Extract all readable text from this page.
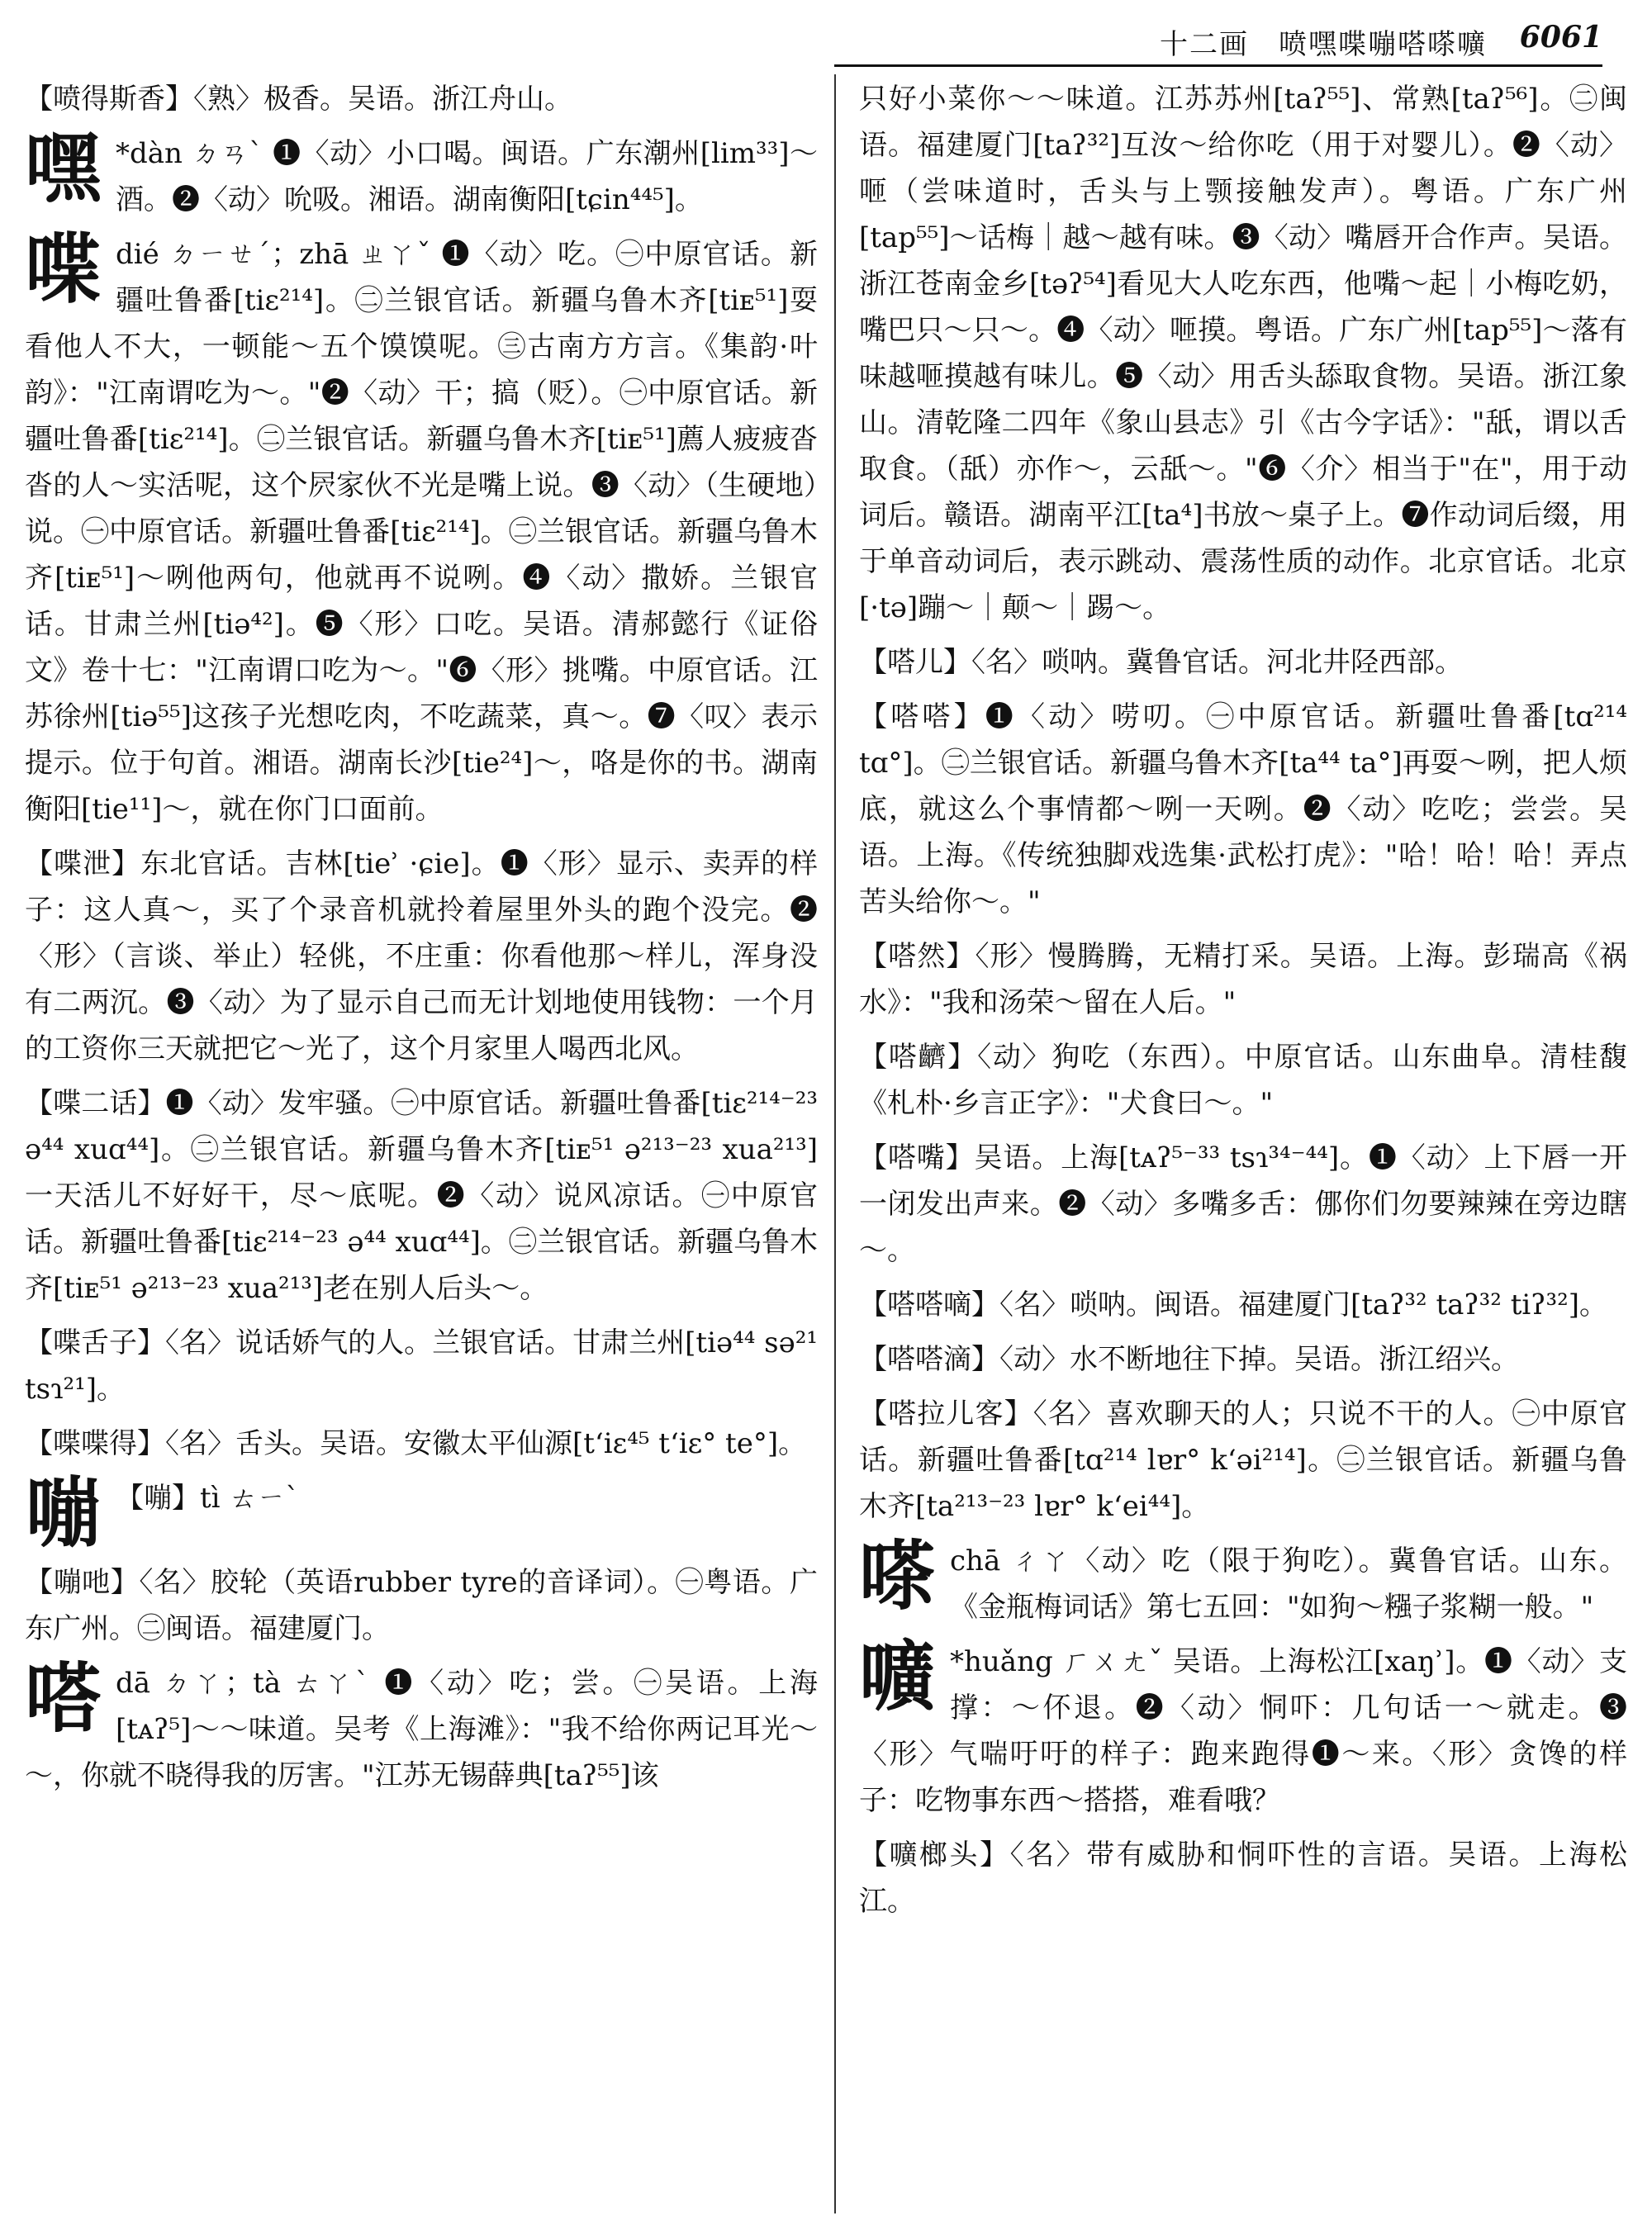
十二画　喷嘿喋嘣嗒嗏嚝 6061
【喷得斯香】〈熟〉极香。吴语。浙江舟山。
嘿 *dàn ㄉㄢˋ ❶〈动〉小口喝。闽语。广东潮州[lim³³]～酒。❷〈动〉吮吸。湘语。湖南衡阳[tɕin⁴⁴⁵]。
喋dié ㄉㄧㄝˊ；zhā ㄓㄚˇ ❶〈动〉吃。㊀中原官话。新疆吐鲁番[tiɛ²¹⁴]。㊁兰银官话。新疆乌鲁木齐[tiᴇ⁵¹]耍看他人不大，一顿能～五个馍馍呢。㊂古南方方言。《集韵·叶韵》："江南谓吃为～。"❷〈动〉干；搞（贬）。㊀中原官话。新疆吐鲁番[tiɛ²¹⁴]。㊁兰银官话。新疆乌鲁木齐[tiᴇ⁵¹]薦人疲疲沓沓的人～实活呢，这个屄家伙不光是嘴上说。❸〈动〉（生硬地）说。㊀中原官话。新疆吐鲁番[tiɛ²¹⁴]。㊁兰银官话。新疆乌鲁木齐[tiᴇ⁵¹]～咧他两句，他就再不说咧。❹〈动〉撒娇。兰银官话。甘肃兰州[tiə⁴²]。❺〈形〉口吃。吴语。清郝懿行《证俗文》卷十七："江南谓口吃为～。"❻〈形〉挑嘴。中原官话。江苏徐州[tiə⁵⁵]这孩子光想吃肉，不吃蔬菜，真～。❼〈叹〉表示提示。位于句首。湘语。湖南长沙[tie²⁴]～，咯是你的书。湖南衡阳[tie¹¹]～，就在你门口面前。
【喋泄】东北官话。吉林[tieʾ ·ɕie]。❶〈形〉显示、卖弄的样子：这人真～，买了个录音机就拎着屋里外头的跑个没完。❷〈形〉（言谈、举止）轻佻，不庄重：你看他那～样儿，浑身没有二两沉。❸〈动〉为了显示自己而无计划地使用钱物：一个月的工资你三天就把它～光了，这个月家里人喝西北风。
【喋二话】❶〈动〉发牢骚。㊀中原官话。新疆吐鲁番[tiɛ²¹⁴⁻²³ ə⁴⁴ xuɑ⁴⁴]。㊁兰银官话。新疆乌鲁木齐[tiᴇ⁵¹ ə²¹³⁻²³ xua²¹³]一天活儿不好好干，尽～底呢。❷〈动〉说风凉话。㊀中原官话。新疆吐鲁番[tiɛ²¹⁴⁻²³ ə⁴⁴ xuɑ⁴⁴]。㊁兰银官话。新疆乌鲁木齐[tiᴇ⁵¹ ə²¹³⁻²³ xua²¹³]老在别人后头～。
【喋舌子】〈名〉说话娇气的人。兰银官话。甘肃兰州[tiə⁴⁴ sə²¹ tsɿ²¹]。
【喋喋得】〈名〉舌头。吴语。安徽太平仙源[tʻiɛ⁴⁵ tʻiɛ° te°]。
嘣 【嘣】tì ㄊㄧˋ
【嘣吔】〈名〉胶轮（英语rubber tyre的音译词）。㊀粤语。广东广州。㊁闽语。福建厦门。
嗒dā ㄉㄚ；tà ㄊㄚˋ ❶〈动〉吃；尝。㊀吴语。上海[tᴀʔ⁵]～～味道。吴考《上海滩》："我不给你两记耳光～～，你就不晓得我的厉害。"江苏无锡薛典[taʔ⁵⁵]该
只好小菜你～～味道。江苏苏州[taʔ⁵⁵]、常熟[taʔ⁵⁶]。㊁闽语。福建厦门[taʔ³²]互汝～给你吃（用于对婴儿）。❷〈动〉咂（尝味道时，舌头与上颚接触发声）。粤语。广东广州[tap⁵⁵]～话梅｜越～越有味。❸〈动〉嘴唇开合作声。吴语。浙江苍南金乡[təʔ⁵⁴]看见大人吃东西，他嘴～起｜小梅吃奶，嘴巴只～只～。❹〈动〉咂摸。粤语。广东广州[tap⁵⁵]～落有味越咂摸越有味儿。❺〈动〉用舌头舔取食物。吴语。浙江象山。清乾隆二四年《象山县志》引《古今字话》："舐，谓以舌取食。（舐）亦作～，云舐～。"❻〈介〉相当于"在"，用于动词后。赣语。湖南平江[ta⁴]书放～桌子上。❼作动词后缀，用于单音动词后，表示跳动、震荡性质的动作。北京官话。北京[·tə]蹦～｜颠～｜踢～。
【嗒儿】〈名〉唢呐。冀鲁官话。河北井陉西部。
【嗒嗒】❶〈动〉唠叨。㊀中原官话。新疆吐鲁番[tɑ²¹⁴ tɑ°]。㊁兰银官话。新疆乌鲁木齐[ta⁴⁴ ta°]再耍～咧，把人烦底，就这么个事情都～咧一天咧。❷〈动〉吃吃；尝尝。吴语。上海。《传统独脚戏选集·武松打虎》："哈！哈！哈！弄点苦头给你～。"
【嗒然】〈形〉慢腾腾，无精打采。吴语。上海。彭瑞高《祸水》："我和汤荣～留在人后。"
【嗒䶩】〈动〉狗吃（东西）。中原官话。山东曲阜。清桂馥《札朴·乡言正字》："犬食曰～。"
【嗒嘴】吴语。上海[tᴀʔ⁵⁻³³ tsɿ³⁴⁻⁴⁴]。❶〈动〉上下唇一开一闭发出声来。❷〈动〉多嘴多舌：㑚你们勿要辣辣在旁边瞎～。
【嗒嗒嘀】〈名〉唢呐。闽语。福建厦门[taʔ³² taʔ³² tiʔ³²]。
【嗒嗒滴】〈动〉水不断地往下掉。吴语。浙江绍兴。
【嗒拉儿客】〈名〉喜欢聊天的人；只说不干的人。㊀中原官话。新疆吐鲁番[tɑ²¹⁴ lɐr° kʻəi²¹⁴]。㊁兰银官话。新疆乌鲁木齐[ta²¹³⁻²³ lɐr° kʻei⁴⁴]。
嗏chā ㄔㄚ〈动〉吃（限于狗吃）。冀鲁官话。山东。《金瓶梅词话》第七五回："如狗～糨子浆糊一般。"
嚝 *huǎng ㄏㄨㄤˇ 吴语。上海松江[xaŋʾ]。❶〈动〉支撑：～伓退。❷〈动〉恫吓：几句话一～就走。❸〈形〉气喘吁吁的样子：跑来跑得❶～来。〈形〉贪馋的样子：吃物事东西～搭搭，难看哦？
【嚝榔头】〈名〉带有威胁和恫吓性的言语。吴语。上海松江。
